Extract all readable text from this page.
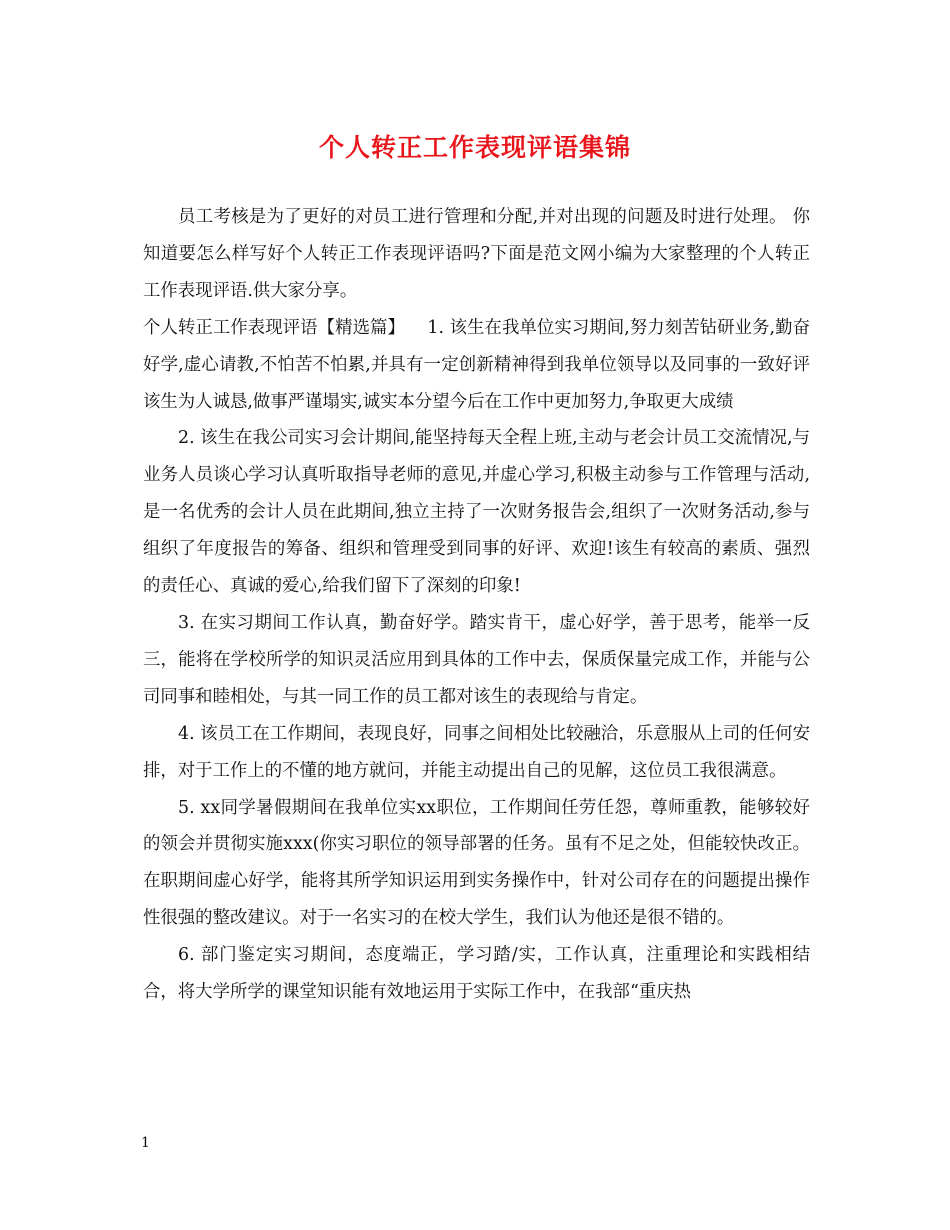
个人转正工作表现评语集锦

员工考核是为了更好的对员工进行管理和分配,并对出现的问题及时进行处理。 你知道要怎么样写好个人转正工作表现评语吗?下面是范文网小编为大家整理的个人转正工作表现评语.供大家分享。

个人转正工作表现评语【精选篇】    1. 该生在我单位实习期间,努力刻苦钻研业务,勤奋好学,虚心请教,不怕苦不怕累,并具有一定创新精神得到我单位领导以及同事的一致好评该生为人诚恳,做事严谨塌实,诚实本分望今后在工作中更加努力,争取更大成绩

2. 该生在我公司实习会计期间,能坚持每天全程上班,主动与老会计员工交流情况,与业务人员谈心学习认真听取指导老师的意见,并虚心学习,积极主动参与工作管理与活动,是一名优秀的会计人员在此期间,独立主持了一次财务报告会,组织了一次财务活动,参与组织了年度报告的筹备、组织和管理受到同事的好评、欢迎!该生有较高的素质、强烈的责任心、真诚的爱心,给我们留下了深刻的印象!

3. 在实习期间工作认真，勤奋好学。踏实肯干，虚心好学，善于思考，能举一反三，能将在学校所学的知识灵活应用到具体的工作中去，保质保量完成工作，并能与公司同事和睦相处，与其一同工作的员工都对该生的表现给与肯定。

4. 该员工在工作期间，表现良好，同事之间相处比较融洽，乐意服从上司的任何安排，对于工作上的不懂的地方就问，并能主动提出自己的见解，这位员工我很满意。

5. xx同学暑假期间在我单位实xx职位，工作期间任劳任怨，尊师重教，能够较好的领会并贯彻实施xxx(你实习职位的领导部署的任务。虽有不足之处，但能较快改正。在职期间虚心好学，能将其所学知识运用到实务操作中，针对公司存在的问题提出操作性很强的整改建议。对于一名实习的在校大学生，我们认为他还是很不错的。

6. 部门鉴定实习期间，态度端正，学习踏/实，工作认真，注重理论和实践相结合，将大学所学的课堂知识能有效地运用于实际工作中，在我部“重庆热

1
